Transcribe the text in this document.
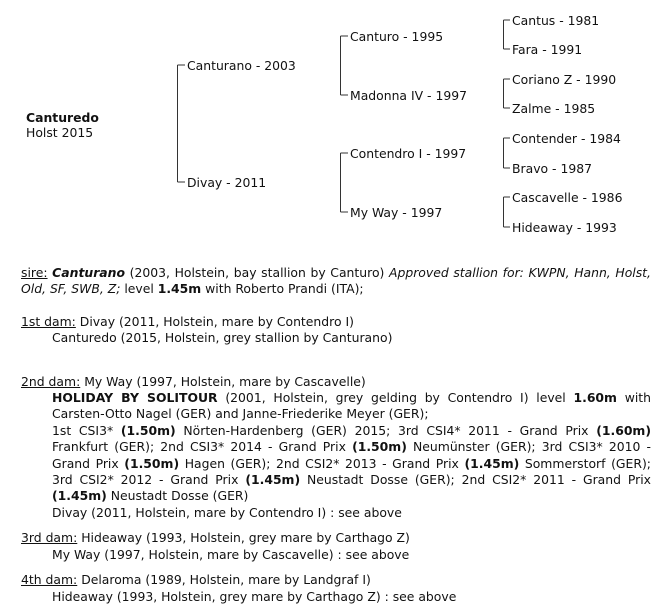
Canturedo
Holst 2015
Canturano - 2003
Divay - 2011
Canturo - 1995
Madonna IV - 1997
Contendro I - 1997
My Way - 1997
Cantus - 1981
Fara - 1991
Coriano Z - 1990
Zalme - 1985
Contender - 1984
Bravo - 1987
Cascavelle - 1986
Hideaway - 1993
sire: Canturano (2003, Holstein, bay stallion by Canturo) Approved stallion for: KWPN, Hann, Holst, Old, SF, SWB, Z; level 1.45m with Roberto Prandi (ITA);
1st dam: Divay (2011, Holstein, mare by Contendro I)
Canturedo (2015, Holstein, grey stallion by Canturano)
2nd dam: My Way (1997, Holstein, mare by Cascavelle)
HOLIDAY BY SOLITOUR (2001, Holstein, grey gelding by Contendro I) level 1.60m with Carsten-Otto Nagel (GER) and Janne-Friederike Meyer (GER);
1st CSI3* (1.50m) Nörten-Hardenberg (GER) 2015; 3rd CSI4* 2011 - Grand Prix (1.60m) Frankfurt (GER); 2nd CSI3* 2014 - Grand Prix (1.50m) Neumünster (GER); 3rd CSI3* 2010 - Grand Prix (1.50m) Hagen (GER); 2nd CSI2* 2013 - Grand Prix (1.45m) Sommerstorf (GER); 3rd CSI2* 2012 - Grand Prix (1.45m) Neustadt Dosse (GER); 2nd CSI2* 2011 - Grand Prix (1.45m) Neustadt Dosse (GER)
Divay (2011, Holstein, mare by Contendro I) : see above
3rd dam: Hideaway (1993, Holstein, grey mare by Carthago Z)
My Way (1997, Holstein, mare by Cascavelle) : see above
4th dam: Delaroma (1989, Holstein, mare by Landgraf I)
Hideaway (1993, Holstein, grey mare by Carthago Z) : see above
